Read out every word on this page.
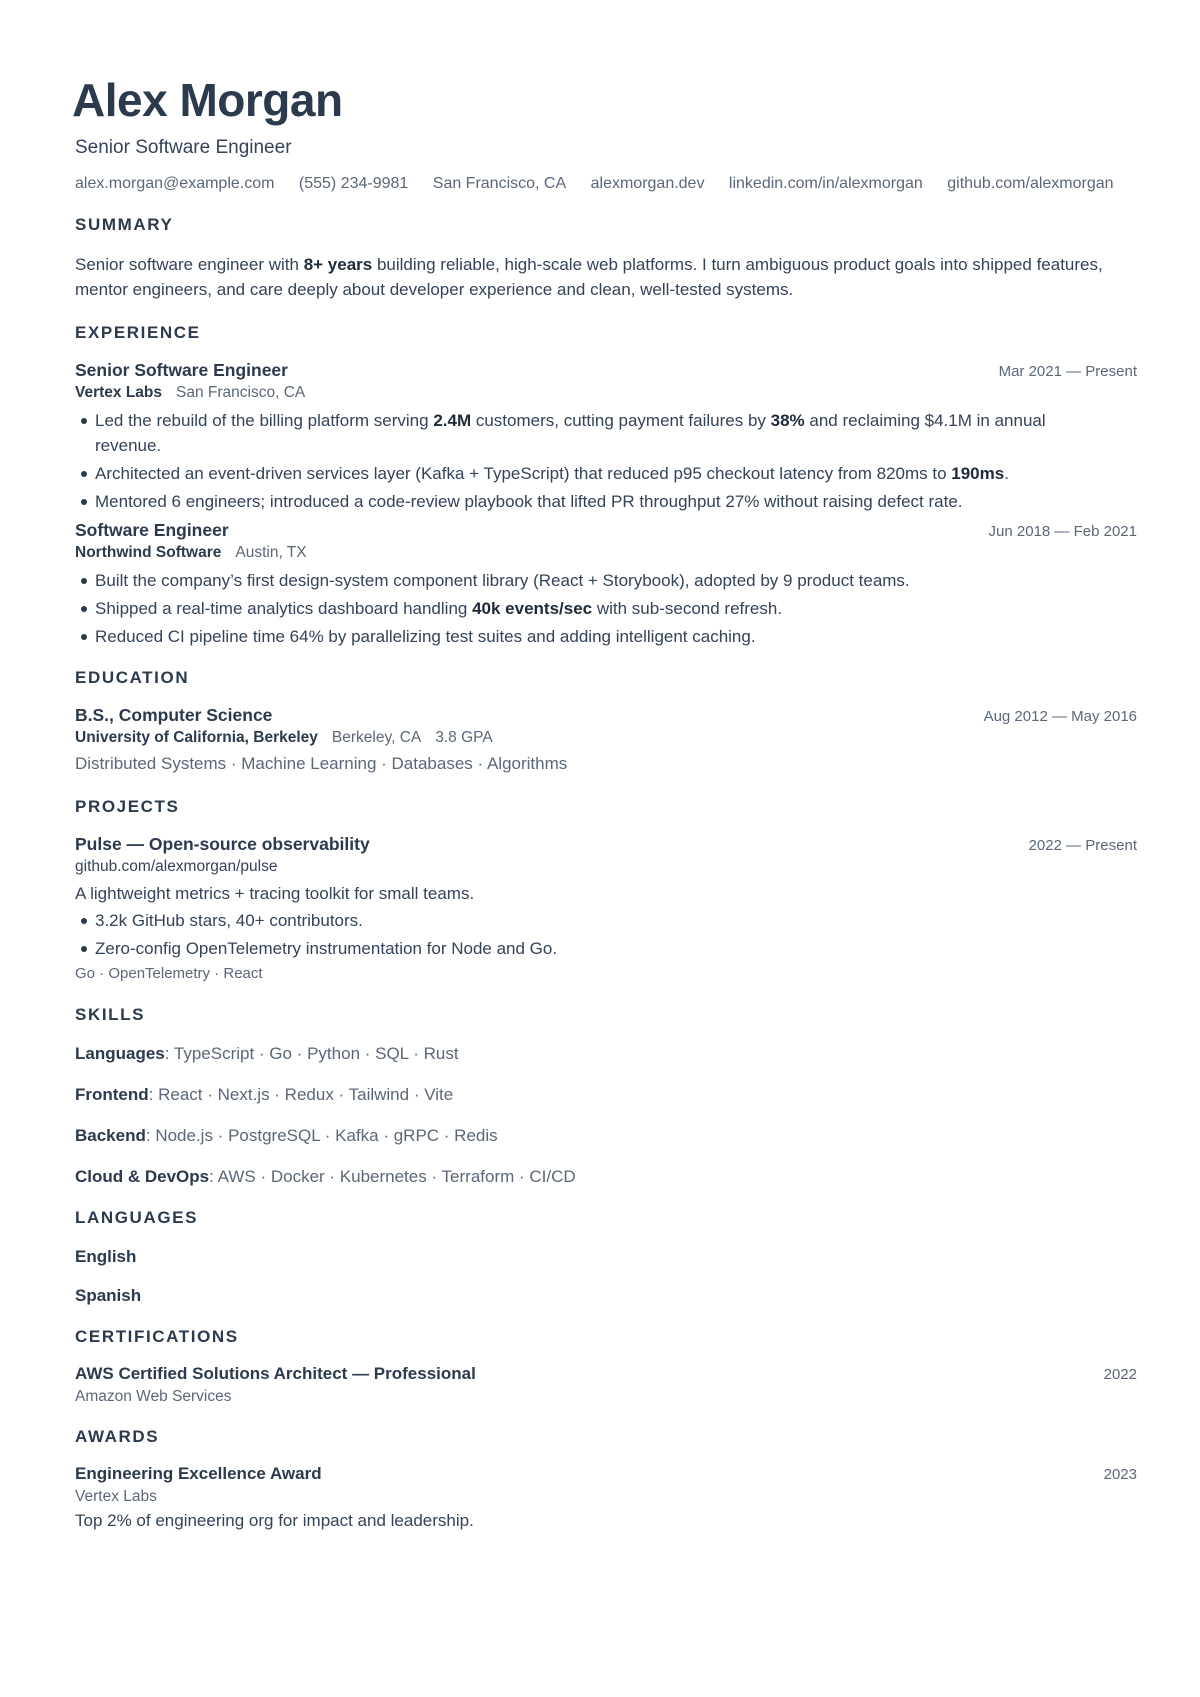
Alex Morgan
Senior Software Engineer
alex.morgan@example.com (555) 234-9981 San Francisco, CA alexmorgan.dev linkedin.com/in/alexmorgan github.com/alexmorgan
SUMMARY

Senior software engineer with 8+ years building reliable, high-scale web platforms. I turn ambiguous product goals into shipped features, mentor engineers, and care deeply about developer experience and clean, well-tested systems.

EXPERIENCE
Senior Software Engineer	Mar 2021 — Present
Vertex Labs San Francisco, CA
Led the rebuild of the billing platform serving 2.4M customers, cutting payment failures by 38% and reclaiming $4.1M in annual revenue.
Architected an event-driven services layer (Kafka + TypeScript) that reduced p95 checkout latency from 820ms to 190ms.
Mentored 6 engineers; introduced a code-review playbook that lifted PR throughput 27% without raising defect rate.
Software Engineer	Jun 2018 — Feb 2021
Northwind Software Austin, TX
Built the company’s first design-system component library (React + Storybook), adopted by 9 product teams.
Shipped a real-time analytics dashboard handling 40k events/sec with sub-second refresh.
Reduced CI pipeline time 64% by parallelizing test suites and adding intelligent caching.
EDUCATION
B.S., Computer Science	Aug 2012 — May 2016
University of California, Berkeley Berkeley, CA 3.8 GPA
Distributed Systems · Machine Learning · Databases · Algorithms
PROJECTS
Pulse — Open-source observability	2022 — Present
github.com/alexmorgan/pulse
A lightweight metrics + tracing toolkit for small teams.
3.2k GitHub stars, 40+ contributors.
Zero-config OpenTelemetry instrumentation for Node and Go.
Go · OpenTelemetry · React
SKILLS
Languages: TypeScript · Go · Python · SQL · Rust
Frontend: React · Next.js · Redux · Tailwind · Vite
Backend: Node.js · PostgreSQL · Kafka · gRPC · Redis
Cloud & DevOps: AWS · Docker · Kubernetes · Terraform · CI/CD
LANGUAGES
English
Spanish
CERTIFICATIONS
AWS Certified Solutions Architect — Professional	2022
Amazon Web Services
AWARDS
Engineering Excellence Award	2023
Vertex Labs
Top 2% of engineering org for impact and leadership.
